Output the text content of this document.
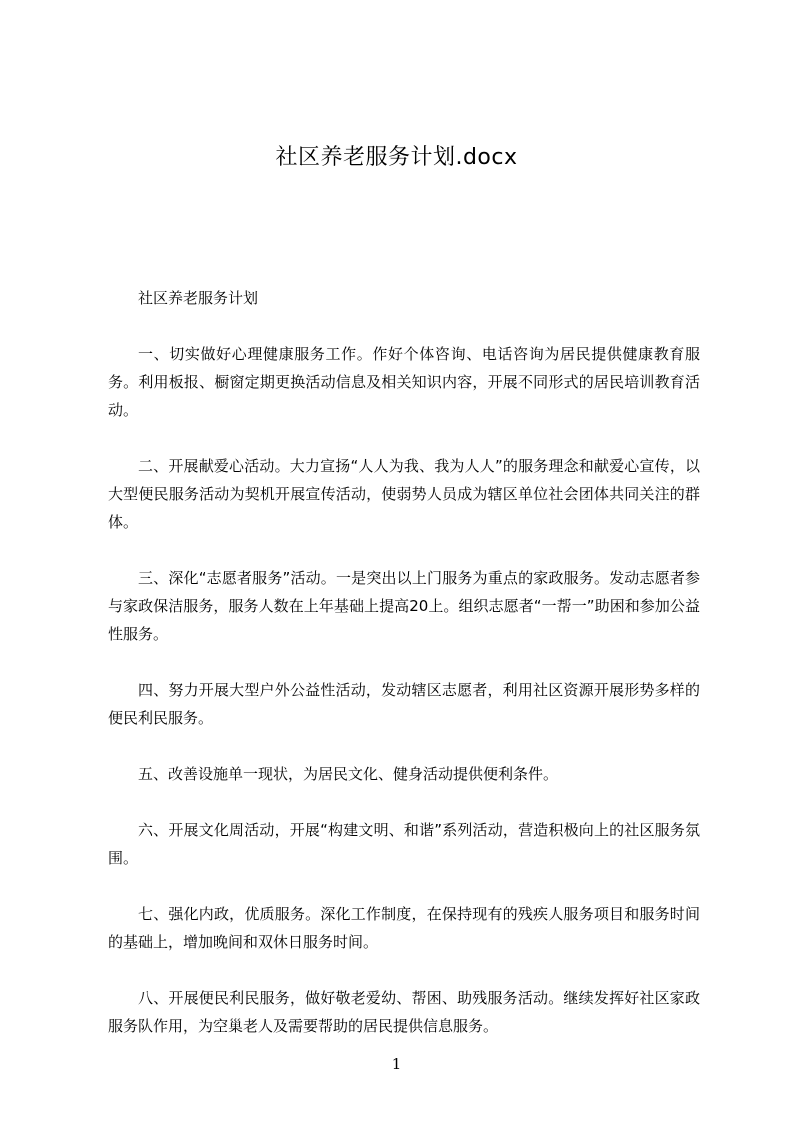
社区养老服务计划.docx
社区养老服务计划

一、切实做好心理健康服务工作。作好个体咨询、电话咨询为居民提供健康教育服务。利用板报、橱窗定期更换活动信息及相关知识内容，开展不同形式的居民培训教育活动。

二、开展献爱心活动。大力宣扬“人人为我、我为人人”的服务理念和献爱心宣传，以大型便民服务活动为契机开展宣传活动，使弱势人员成为辖区单位社会团体共同关注的群体。

三、深化“志愿者服务”活动。一是突出以上门服务为重点的家政服务。发动志愿者参与家政保洁服务，服务人数在上年基础上提高20上。组织志愿者“一帮一”助困和参加公益性服务。

四、努力开展大型户外公益性活动，发动辖区志愿者，利用社区资源开展形势多样的便民利民服务。

五、改善设施单一现状，为居民文化、健身活动提供便利条件。

六、开展文化周活动，开展“构建文明、和谐”系列活动，营造积极向上的社区服务氛围。

七、强化内政，优质服务。深化工作制度，在保持现有的残疾人服务项目和服务时间的基础上，增加晚间和双休日服务时间。

八、开展便民利民服务，做好敬老爱幼、帮困、助残服务活动。继续发挥好社区家政服务队作用，为空巢老人及需要帮助的居民提供信息服务。

1
